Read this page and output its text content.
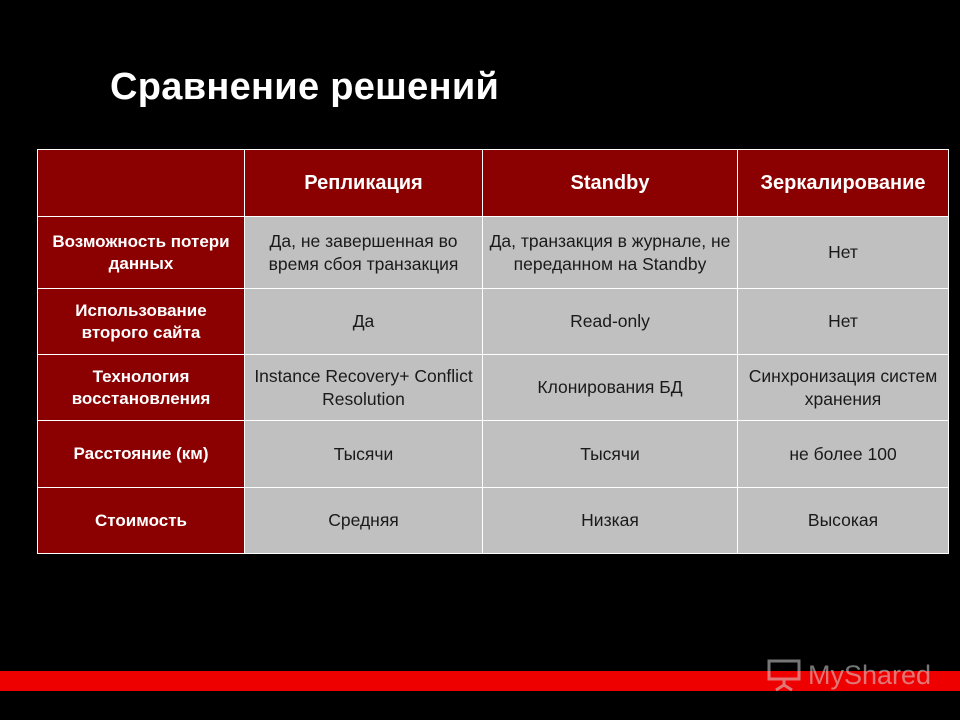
Сравнение решений
	Репликация	Standby	Зеркалирование
Возможность потери данных	Да, не завершенная во время сбоя транзакция	Да, транзакция в журнале, не переданном на Standby	Нет
Использование второго сайта	Да	Read-only	Нет
Технология восстановления	Instance Recovery+ Conflict Resolution	Клонирования БД	Синхронизация систем хранения
Расстояние (км)	Тысячи	Тысячи	не более 100
Стоимость	Средняя	Низкая	Высокая
MyShared
